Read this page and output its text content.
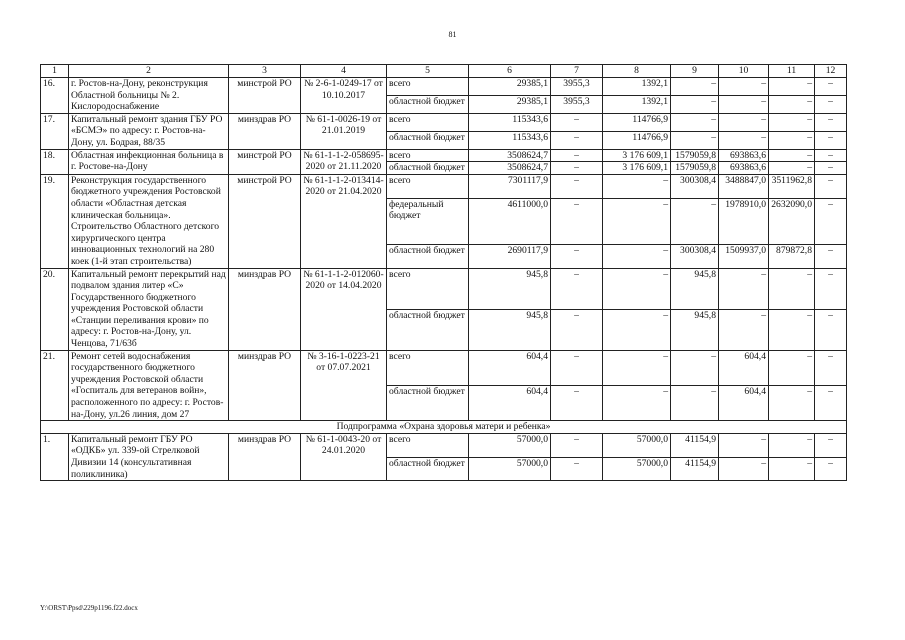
81
1	2	3	4	5	6	7	8	9	10	11	12
16.	г. Ростов-на-Дону, реконструкция Областной больницы № 2. Кислородоснабжение	минстрой РО	№ 2-6-1-0249-17 от 10.10.2017	всего	29385,1	3955,3	1392,1	–	–	–	–
				областной бюджет	29385,1	3955,3	1392,1	–	–	–	–
17.	Капитальный ремонт здания ГБУ РО «БСМЭ» по адресу: г. Ростов-на-Дону, ул. Бодрая, 88/35	минздрав РО	№ 61-1-0026-19 от 21.01.2019	всего	115343,6	–	114766,9	–	–	–	–
				областной бюджет	115343,6	–	114766,9	–	–	–	–
18.	Областная инфекционная больница в г. Ростове-на-Дону	минстрой РО	№ 61-1-1-2-058695-2020 от 21.11.2020	всего	3508624,7	–	3 176 609,1	1579059,8	693863,6	–	–
				областной бюджет	3508624,7	–	3 176 609,1	1579059,8	693863,6	–	–
19.	Реконструкция государственного бюджетного учреждения Ростовской области «Областная детская клиническая больница». Строительство Областного детского хирургического центра инновационных технологий на 280 коек (1-й этап строительства)	минстрой РО	№ 61-1-1-2-013414-2020 от 21.04.2020	всего	7301117,9	–	–	300308,4	3488847,0	3511962,8	–
				федеральный бюджет	4611000,0	–	–	–	1978910,0	2632090,0	–
				областной бюджет	2690117,9	–	–	300308,4	1509937,0	879872,8	–
20.	Капитальный ремонт перекрытий над подвалом здания литер «С» Государственного бюджетного учреждения Ростовской области «Станции переливания крови» по адресу: г. Ростов-на-Дону, ул. Ченцова, 71/63б	минздрав РО	№ 61-1-1-2-012060-2020 от 14.04.2020	всего	945,8	–	–	945,8	–	–	–
				областной бюджет	945,8	–	–	945,8	–	–	–
21.	Ремонт сетей водоснабжения государственного бюджетного учреждения Ростовской области «Госпиталь для ветеранов войн», расположенного по адресу: г. Ростов-на-Дону, ул.26 линия, дом 27	минздрав РО	№ 3-16-1-0223-21 от 07.07.2021	всего	604,4	–	–	–	604,4	–	–
				областной бюджет	604,4	–	–	–	604,4	–	–
Подпрограмма «Охрана здоровья матери и ребенка»											
1.	Капитальный ремонт ГБУ РО «ОДКБ» ул. 339-ой Стрелковой Дивизии 14 (консультативная поликлиника)	минздрав РО	№ 61-1-0043-20 от 24.01.2020	всего	57000,0	–	57000,0	41154,9	–	–	–
				областной бюджет	57000,0	–	57000,0	41154,9	–	–	–
Y:\ORST\Ppsd\229p1196.f22.docx
